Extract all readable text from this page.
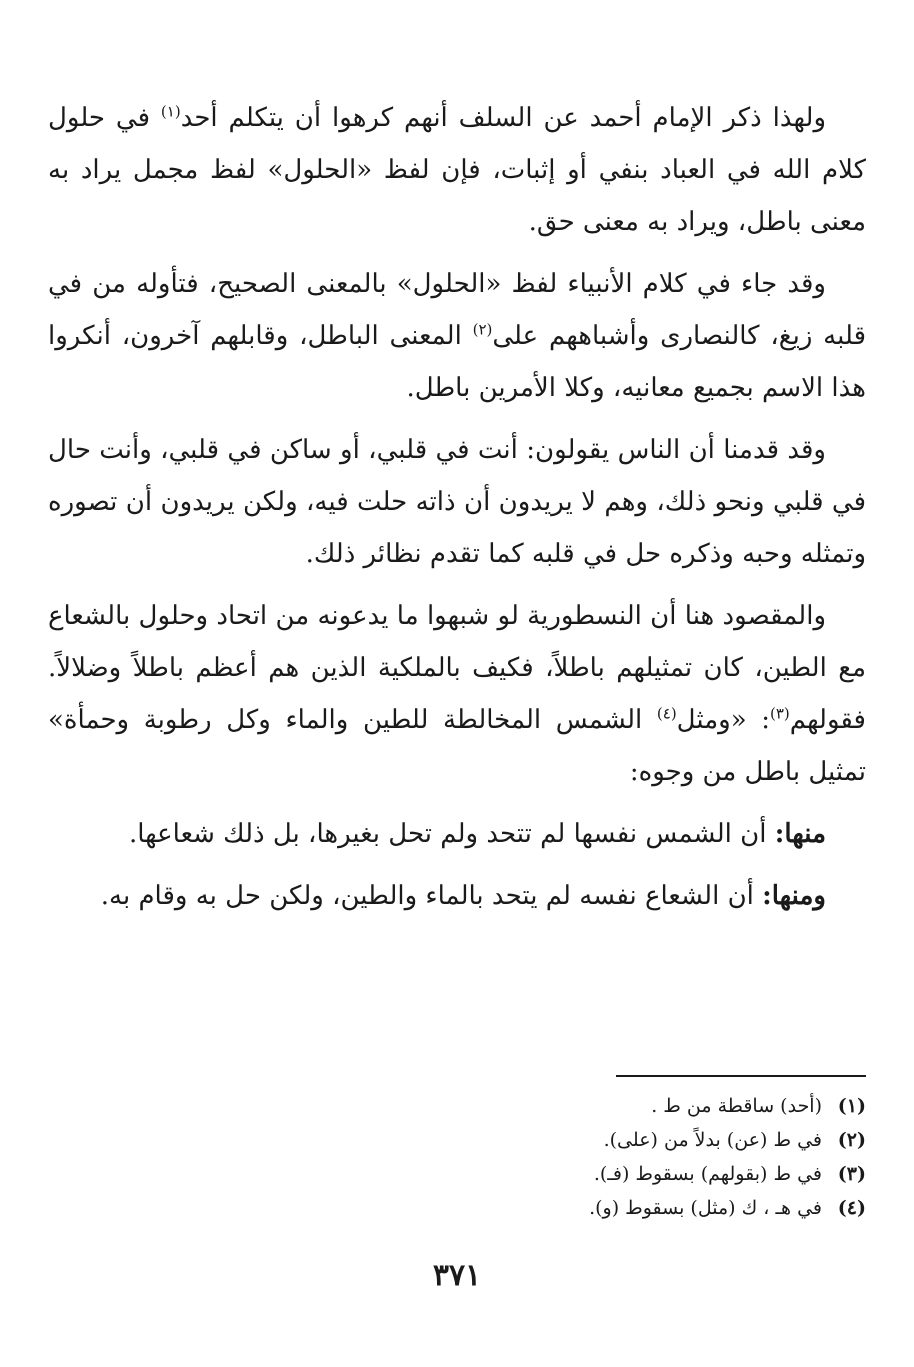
ولهذا ذكر الإمام أحمد عن السلف أنهم كرهوا أن يتكلم أحد$^{(١)}$ في حلول كلام الله في العباد بنفي أو إثبات، فإن لفظ «الحلول» لفظ مجمل يراد به معنى باطل، ويراد به معنى حق.

وقد جاء في كلام الأنبياء لفظ «الحلول» بالمعنى الصحيح، فتأوله من في قلبه زيغ، كالنصارى وأشباههم على$^{(٢)}$ المعنى الباطل، وقابلهم آخرون، أنكروا هذا الاسم بجميع معانيه، وكلا الأمرين باطل.

وقد قدمنا أن الناس يقولون: أنت في قلبي، أو ساكن في قلبي، وأنت حال في قلبي ونحو ذلك، وهم لا يريدون أن ذاته حلت فيه، ولكن يريدون أن تصوره وتمثله وحبه وذكره حل في قلبه كما تقدم نظائر ذلك.

والمقصود هنا أن النسطورية لو شبهوا ما يدعونه من اتحاد وحلول بالشعاع مع الطين، كان تمثيلهم باطلاً، فكيف بالملكية الذين هم أعظم باطلاً وضلالاً. فقولهم$^{(٣)}$: «ومثل$^{(٤)}$ الشمس المخالطة للطين والماء وكل رطوبة وحمأة» تمثيل باطل من وجوه:

منها: أن الشمس نفسها لم تتحد ولم تحل بغيرها، بل ذلك شعاعها.

ومنها: أن الشعاع نفسه لم يتحد بالماء والطين، ولكن حل به وقام به.

(١)(أحد) ساقطة من ط .
(٢)في ط (عن) بدلاً من (على).
(٣)في ط (بقولهم) بسقوط (فـ).
(٤)في هـ ، ك (مثل) بسقوط (و).
٣٧١
